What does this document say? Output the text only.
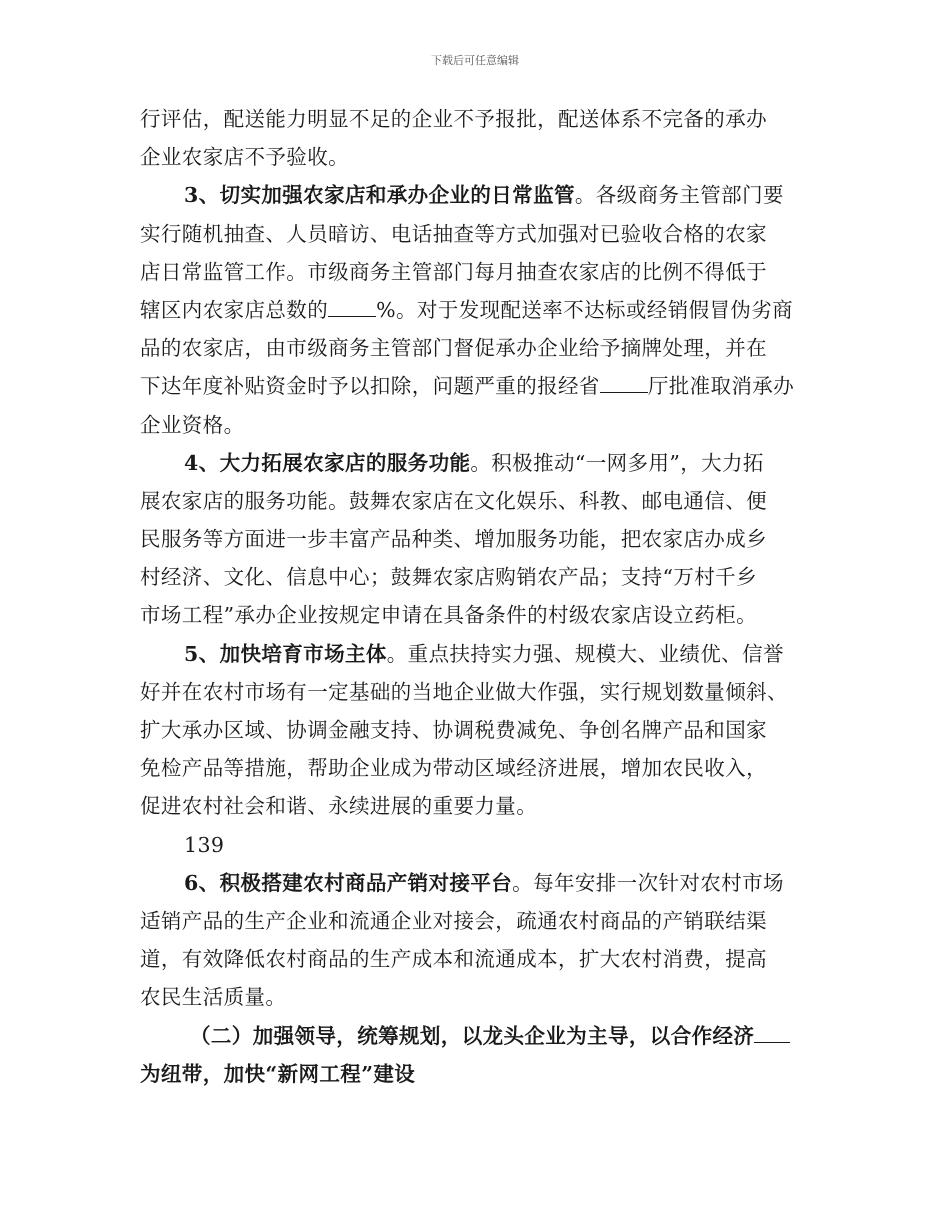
下载后可任意编辑
行评估，配送能力明显不足的企业不予报批，配送体系不完备的承办
企业农家店不予验收。
3、切实加强农家店和承办企业的日常监管。各级商务主管部门要
实行随机抽查、人员暗访、电话抽查等方式加强对已验收合格的农家
店日常监管工作。市级商务主管部门每月抽查农家店的比例不得低于
辖区内农家店总数的 %。对于发现配送率不达标或经销假冒伪劣商
品的农家店，由市级商务主管部门督促承办企业给予摘牌处理，并在
下达年度补贴资金时予以扣除，问题严重的报经省 厅批准取消承办
企业资格。
4、大力拓展农家店的服务功能。积极推动“一网多用”，大力拓
展农家店的服务功能。鼓舞农家店在文化娱乐、科教、邮电通信、便
民服务等方面进一步丰富产品种类、增加服务功能，把农家店办成乡
村经济、文化、信息中心；鼓舞农家店购销农产品；支持“万村千乡
市场工程”承办企业按规定申请在具备条件的村级农家店设立药柜。
5、加快培育市场主体。重点扶持实力强、规模大、业绩优、信誉
好并在农村市场有一定基础的当地企业做大作强，实行规划数量倾斜、
扩大承办区域、协调金融支持、协调税费减免、争创名牌产品和国家
免检产品等措施，帮助企业成为带动区域经济进展，增加农民收入，
促进农村社会和谐、永续进展的重要力量。
139
6、积极搭建农村商品产销对接平台。每年安排一次针对农村市场
适销产品的生产企业和流通企业对接会，疏通农村商品的产销联结渠
道，有效降低农村商品的生产成本和流通成本，扩大农村消费，提高
农民生活质量。
（二）加强领导，统筹规划，以龙头企业为主导，以合作经济
为纽带，加快“新网工程”建设
